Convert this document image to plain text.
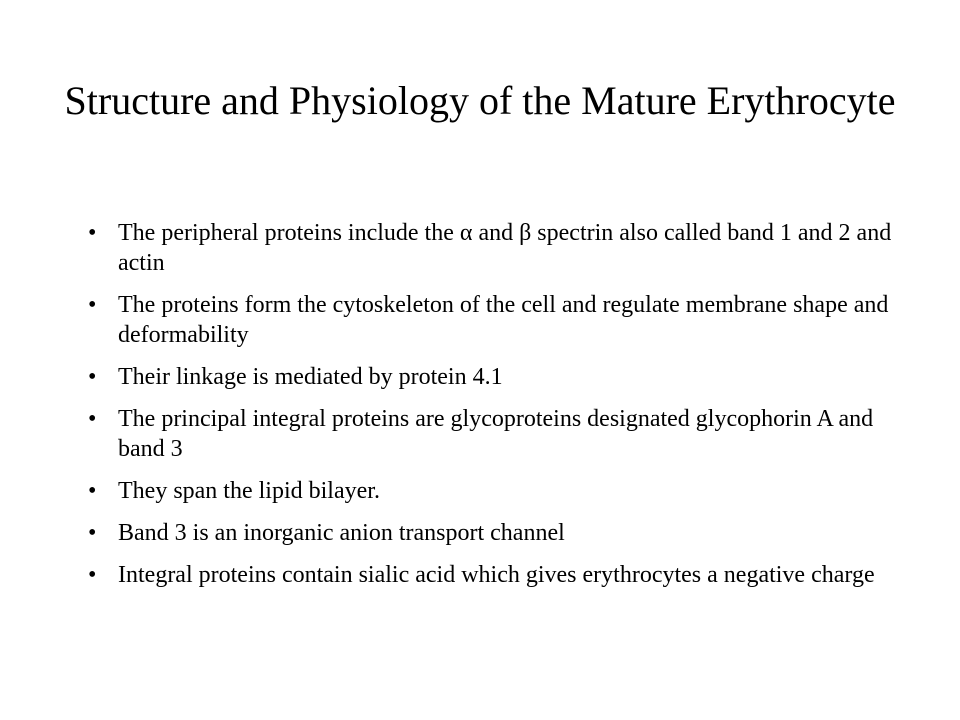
Structure and Physiology of the Mature Erythrocyte
• The peripheral proteins include the α and β spectrin also called band 1 and 2 and actin
• The proteins form the cytoskeleton of the cell and regulate membrane shape and deformability
• Their linkage is mediated by protein 4.1
• The principal integral proteins are glycoproteins designated glycophorin A and band 3
• They span the lipid bilayer.
• Band 3 is an inorganic anion transport channel
• Integral proteins contain sialic acid which gives erythrocytes a negative charge
